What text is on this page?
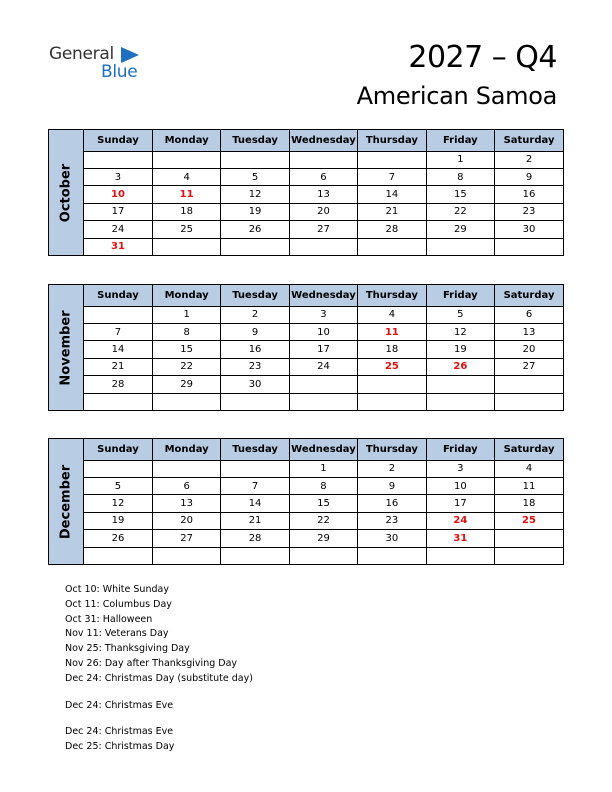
General
Blue	2027 – Q4
American Samoa
October
Sunday	Monday	Tuesday	Wednesday	Thursday	Friday	Saturday
					1	2
3	4	5	6	7	8	9
10	11	12	13	14	15	16
17	18	19	20	21	22	23
24	25	26	27	28	29	30
31						
November
Sunday	Monday	Tuesday	Wednesday	Thursday	Friday	Saturday
	1	2	3	4	5	6
7	8	9	10	11	12	13
14	15	16	17	18	19	20
21	22	23	24	25	26	27
28	29	30				

December
Sunday	Monday	Tuesday	Wednesday	Thursday	Friday	Saturday
			1	2	3	4
5	6	7	8	9	10	11
12	13	14	15	16	17	18
19	20	21	22	23	24	25
26	27	28	29	30	31	

Oct 10: White Sunday
Oct 11: Columbus Day
Oct 31: Halloween
Nov 11: Veterans Day
Nov 25: Thanksgiving Day
Nov 26: Day after Thanksgiving Day
Dec 24: Christmas Day (substitute day)
Dec 24: Christmas Eve
Dec 24: Christmas Eve
Dec 25: Christmas Day
